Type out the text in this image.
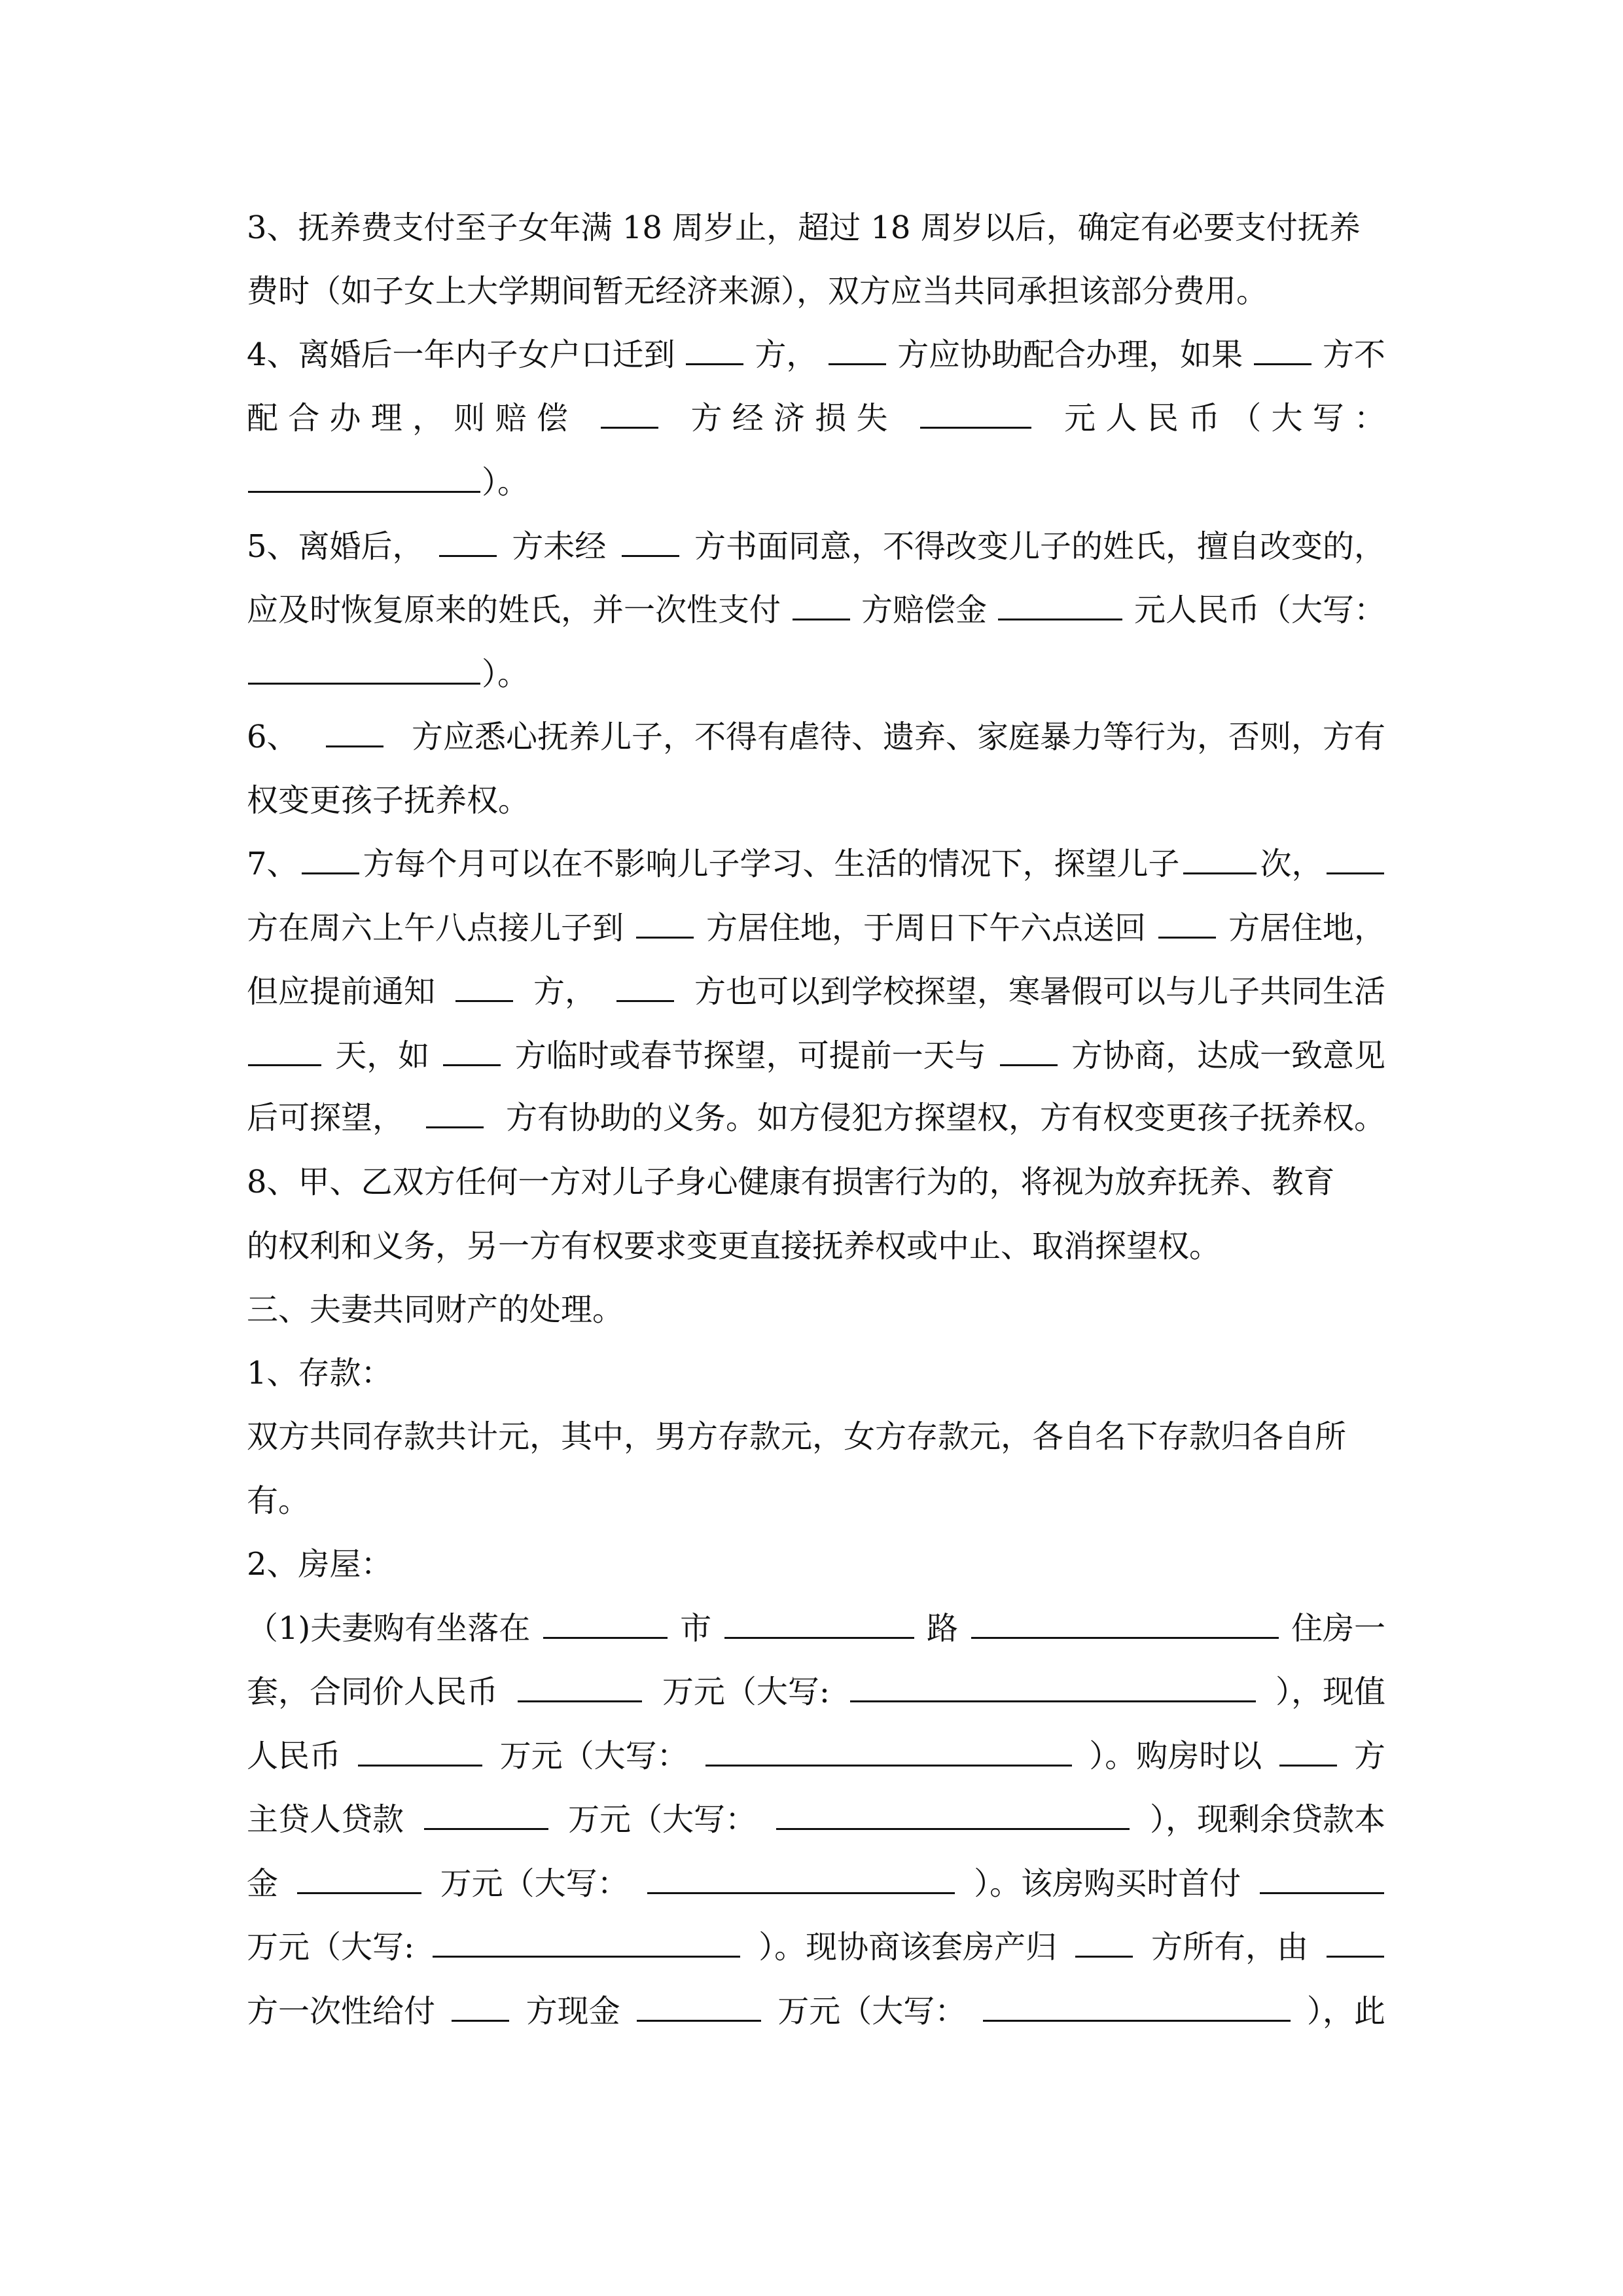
3、抚养费支付至子女年满 18 周岁止，超过 18 周岁以后，确定有必要支付抚养
费时（如子女上大学期间暂无经济来源），双方应当共同承担该部分费用。
4、离婚后一年内子女户口迁到	方，	方应协助配合办理，如果	方不
配 合 办 理 ， 则 赔 偿	方 经 济 损 失	元 人 民 币 （ 大 写 ：
）。
5、离婚后，	方未经	方书面同意，不得改变儿子的姓氏，擅自改变的，
应及时恢复原来的姓氏，并一次性支付	方赔偿金	元人民币（大写：
）。
6、	方应悉心抚养儿子，不得有虐待、遗弃、家庭暴力等行为，否则，方有
权变更孩子抚养权。
7、 方每个月可以在不影响儿子学习、生活的情况下，探望儿子	次，
方在周六上午八点接儿子到	方居住地，于周日下午六点送回	方居住地，
但应提前通知	方，	方也可以到学校探望，寒暑假可以与儿子共同生活
天，如	方临时或春节探望，可提前一天与	方协商，达成一致意见
后可探望，	方有协助的义务。如方侵犯方探望权，方有权变更孩子抚养权。
8、甲、乙双方任何一方对儿子身心健康有损害行为的，将视为放弃抚养、教育
的权利和义务，另一方有权要求变更直接抚养权或中止、取消探望权。
三、夫妻共同财产的处理。
1、存款：
双方共同存款共计元，其中，男方存款元，女方存款元，各自名下存款归各自所
有。
2、房屋：
（1)夫妻购有坐落在	市	路	住房一
套，合同价人民币	万元（大写:	），现值
人民币	万元（大写：	）。购房时以	方
主贷人贷款	万元（大写：	），现剩余贷款本
金	万元（大写：	）。该房购买时首付
万元（大写:	）。现协商该套房产归	方所有，由
方一次性给付	方现金	万元（大写：	），此
